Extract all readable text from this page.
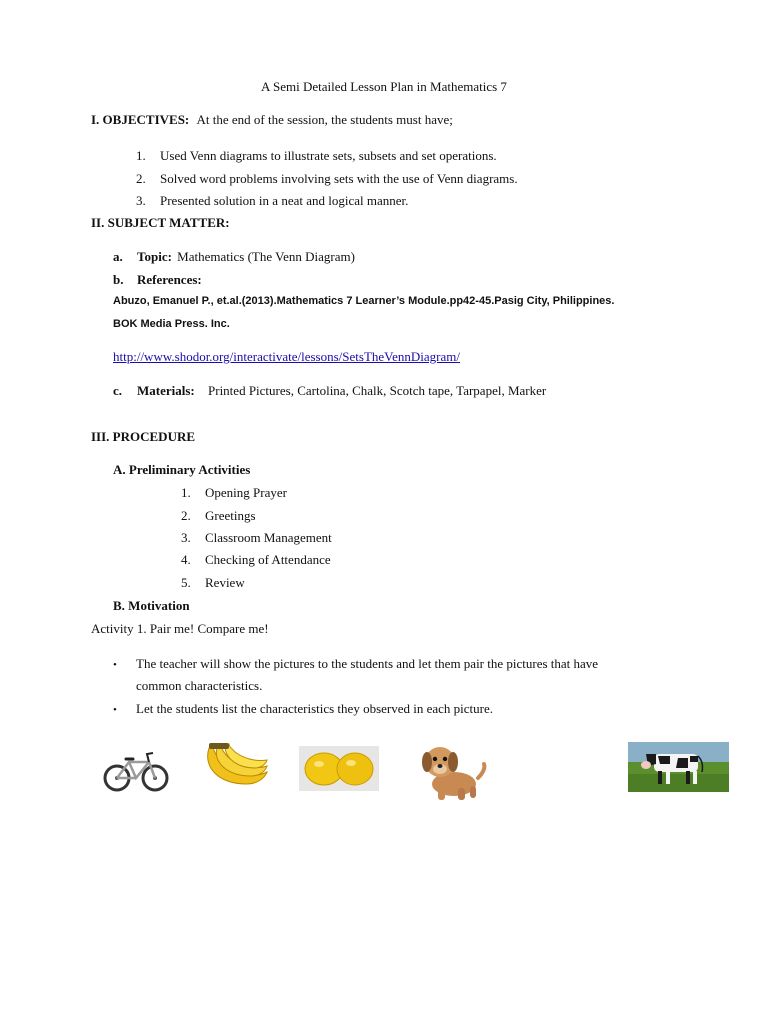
A Semi Detailed Lesson Plan in Mathematics 7
I. OBJECTIVES: At the end of the session, the students must have;
1. Used Venn diagrams to illustrate sets, subsets and set operations.
2. Solved word problems involving sets with the use of Venn diagrams.
3. Presented solution in a neat and logical manner.
II. SUBJECT MATTER:
a. Topic: Mathematics (The Venn Diagram)
b. References:
Abuzo, Emanuel P., et.al.(2013).Mathematics 7 Learner’s Module.pp42-45.Pasig City, Philippines.
BOK Media Press. Inc.
http://www.shodor.org/interactivate/lessons/SetsTheVennDiagram/
c. Materials: Printed Pictures, Cartolina, Chalk, Scotch tape, Tarpapel, Marker
III. PROCEDURE
A. Preliminary Activities
1. Opening Prayer
2. Greetings
3. Classroom Management
4. Checking of Attendance
5. Review
B. Motivation
Activity 1. Pair me! Compare me!
• The teacher will show the pictures to the students and let them pair the pictures that have
common characteristics.
• Let the students list the characteristics they observed in each picture.
